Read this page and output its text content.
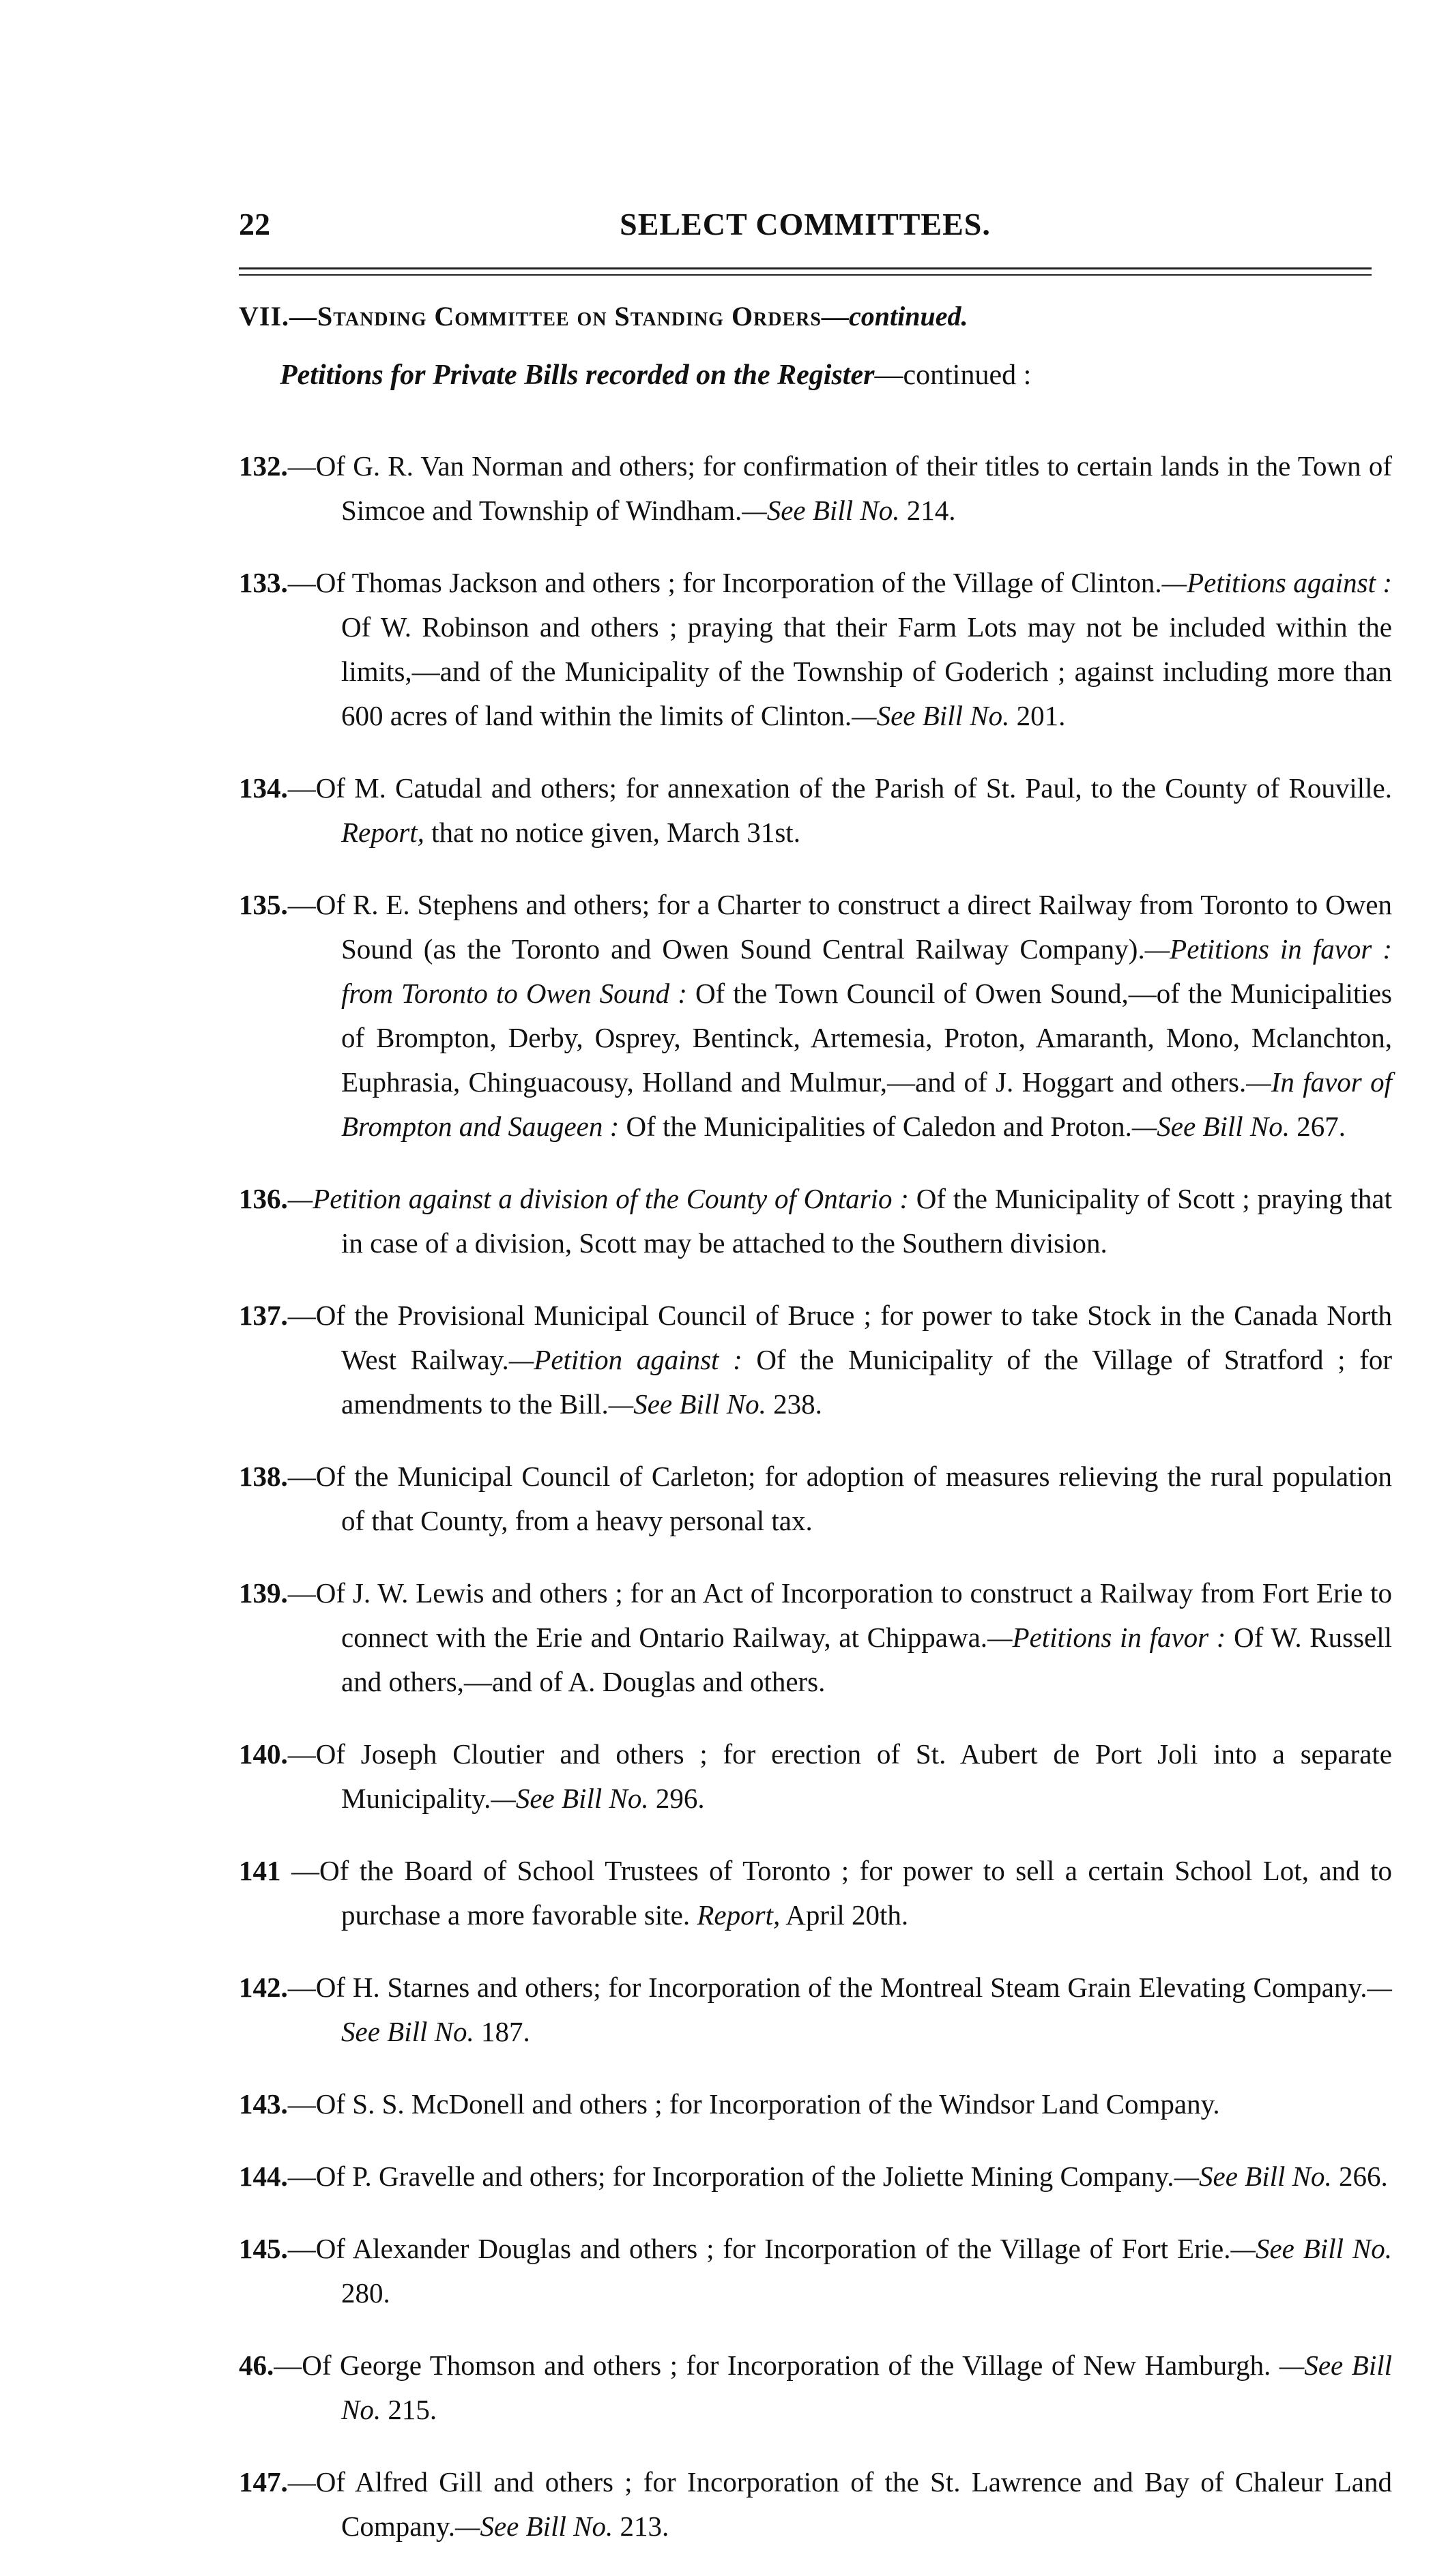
22	SELECT COMMITTEES.
VII.—Standing Committee on Standing Orders—continued.
Petitions for Private Bills recorded on the Register—continued :

132.—Of G. R. Van Norman and others; for confirmation of their titles to certain lands in the Town of Simcoe and Township of Windham.—See Bill No. 214.

133.—Of Thomas Jackson and others ; for Incorporation of the Village of Clinton.—Petitions against : Of W. Robinson and others ; praying that their Farm Lots may not be included within the limits,—and of the Municipality of the Township of Goderich ; against including more than 600 acres of land within the limits of Clinton.—See Bill No. 201.

134.—Of M. Catudal and others; for annexation of the Parish of St. Paul, to the County of Rouville. Report, that no notice given, March 31st.

135.—Of R. E. Stephens and others; for a Charter to construct a direct Railway from Toronto to Owen Sound (as the Toronto and Owen Sound Central Railway Company).—Petitions in favor : from Toronto to Owen Sound : Of the Town Council of Owen Sound,—of the Municipalities of Brompton, Derby, Osprey, Bentinck, Artemesia, Proton, Amaranth, Mono, Mclanchton, Euphrasia, Chinguacousy, Holland and Mulmur,—and of J. Hoggart and others.—In favor of Brompton and Saugeen : Of the Municipalities of Caledon and Proton.—See Bill No. 267.

136.—Petition against a division of the County of Ontario : Of the Municipality of Scott ; praying that in case of a division, Scott may be attached to the Southern division.

137.—Of the Provisional Municipal Council of Bruce ; for power to take Stock in the Canada North West Railway.—Petition against : Of the Municipality of the Village of Stratford ; for amendments to the Bill.—See Bill No. 238.

138.—Of the Municipal Council of Carleton; for adoption of measures relieving the rural population of that County, from a heavy personal tax.

139.—Of J. W. Lewis and others ; for an Act of Incorporation to construct a Railway from Fort Erie to connect with the Erie and Ontario Railway, at Chippawa.—Petitions in favor : Of W. Russell and others,—and of A. Douglas and others.

140.—Of Joseph Cloutier and others ; for erection of St. Aubert de Port Joli into a separate Municipality.—See Bill No. 296.

141 —Of the Board of School Trustees of Toronto ; for power to sell a certain School Lot, and to purchase a more favorable site. Report, April 20th.

142.—Of H. Starnes and others; for Incorporation of the Montreal Steam Grain Elevating Company.—See Bill No. 187.

143.—Of S. S. McDonell and others ; for Incorporation of the Windsor Land Company.

144.—Of P. Gravelle and others; for Incorporation of the Joliette Mining Company.—See Bill No. 266.

145.—Of Alexander Douglas and others ; for Incorporation of the Village of Fort Erie.—See Bill No. 280.

46.—Of George Thomson and others ; for Incorporation of the Village of New Hamburgh. —See Bill No. 215.

147.—Of Alfred Gill and others ; for Incorporation of the St. Lawrence and Bay of Chaleur Land Company.—See Bill No. 213.
